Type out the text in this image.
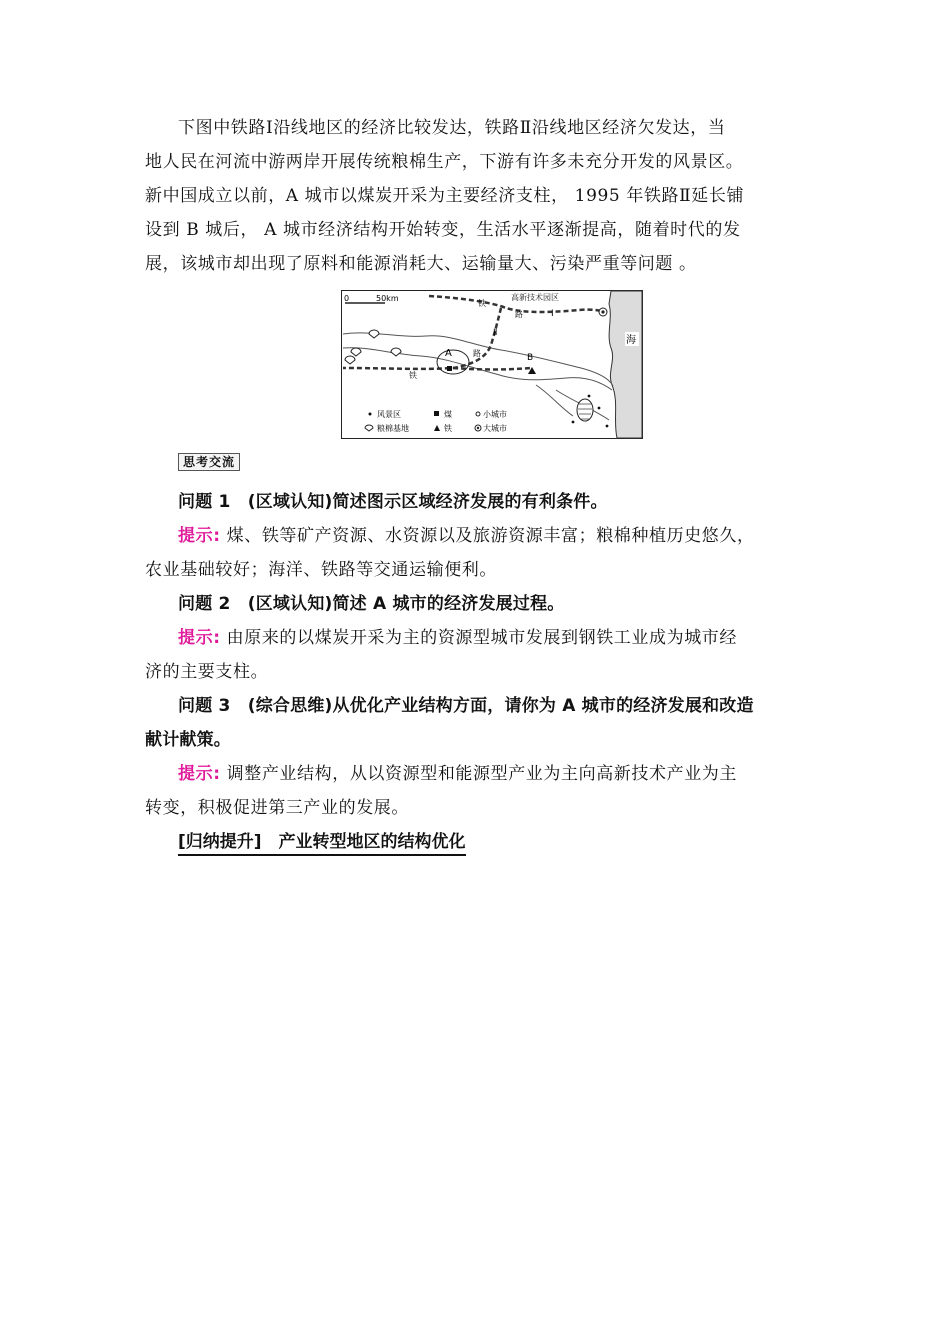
下图中铁路Ⅰ沿线地区的经济比较发达，铁路Ⅱ沿线地区经济欠发达，当
地人民在河流中游两岸开展传统粮棉生产，下游有许多未充分开发的风景区。
新中国成立以前，A 城市以煤炭开采为主要经济支柱， 1995 年铁路Ⅱ延长铺
设到 B 城后， A 城市经济结构开始转变，生活水平逐渐提高，随着时代的发
展，该城市却出现了原料和能源消耗大、运输量大、污染严重等问题 。
高新技术园区
0	50km
铁
路	Ⅰ
Ⅱ
路
铁
海
A	B
风景区	煤	小城市
粮棉基地	铁	大城市
思考交流
问题 1　(区域认知)简述图示区域经济发展的有利条件。
提示: 煤、铁等矿产资源、水资源以及旅游资源丰富；粮棉种植历史悠久，
农业基础较好；海洋、铁路等交通运输便利。
问题 2　(区域认知)简述 A 城市的经济发展过程。
提示: 由原来的以煤炭开采为主的资源型城市发展到钢铁工业成为城市经
济的主要支柱。
问题 3　(综合思维)从优化产业结构方面，请你为 A 城市的经济发展和改造
献计献策。
提示: 调整产业结构，从以资源型和能源型产业为主向高新技术产业为主
转变，积极促进第三产业的发展。
[归纳提升]　 产业转型地区的结构优化
